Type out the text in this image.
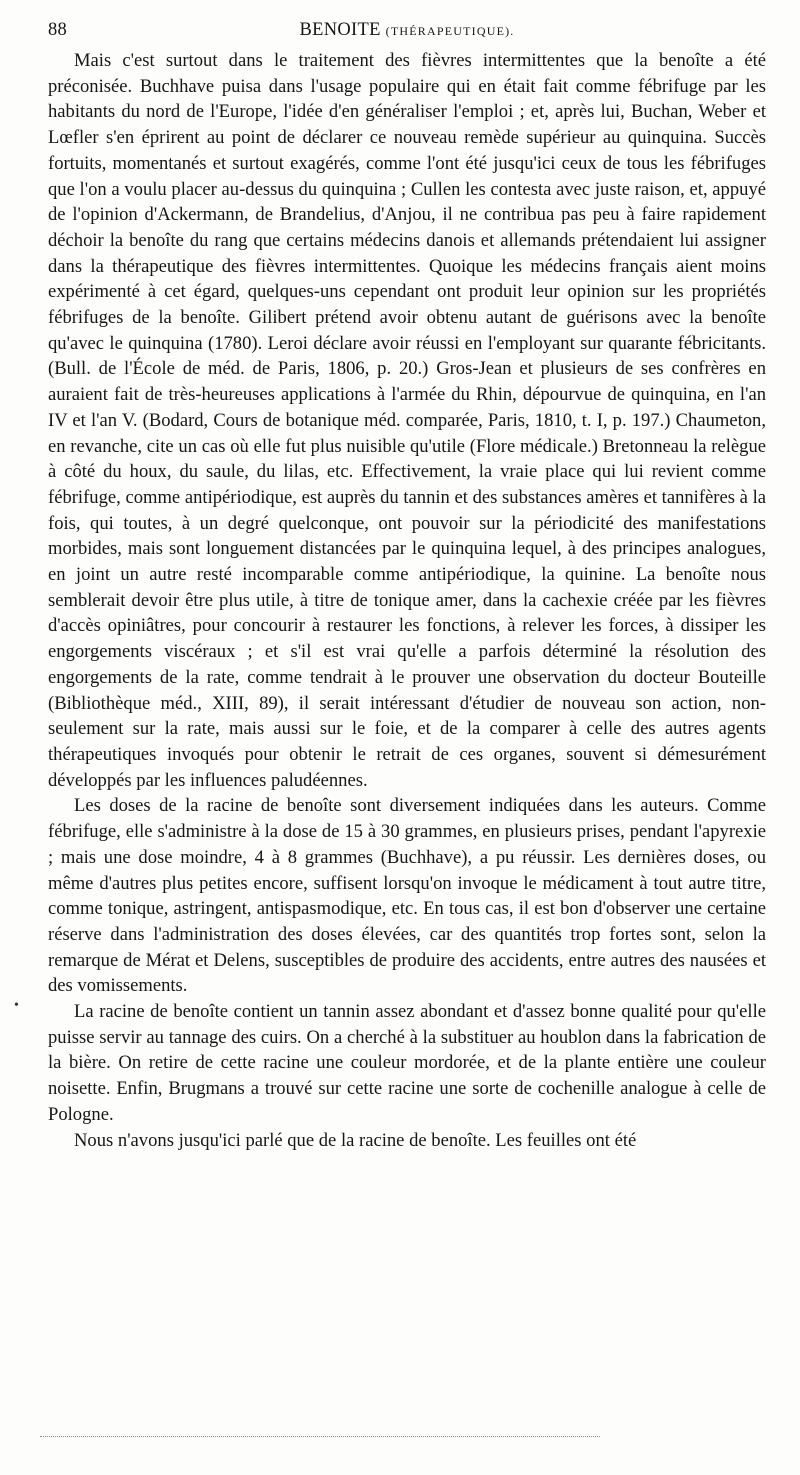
88	BENOITE (THÉRAPEUTIQUE).

Mais c'est surtout dans le traitement des fièvres intermittentes que la benoîte a été préconisée. Buchhave puisa dans l'usage populaire qui en était fait comme fébrifuge par les habitants du nord de l'Europe, l'idée d'en généraliser l'emploi ; et, après lui, Buchan, Weber et Lœfler s'en éprirent au point de déclarer ce nouveau remède supérieur au quinquina. Succès fortuits, momentanés et surtout exagérés, comme l'ont été jusqu'ici ceux de tous les fébrifuges que l'on a voulu placer au-dessus du quinquina ; Cullen les contesta avec juste raison, et, appuyé de l'opinion d'Ackermann, de Brandelius, d'Anjou, il ne contribua pas peu à faire rapidement déchoir la benoîte du rang que certains médecins danois et allemands prétendaient lui assigner dans la thérapeutique des fièvres intermittentes. Quoique les médecins français aient moins expérimenté à cet égard, quelques-uns cependant ont produit leur opinion sur les propriétés fébrifuges de la benoîte. Gilibert prétend avoir obtenu autant de guérisons avec la benoîte qu'avec le quinquina (1780). Leroi déclare avoir réussi en l'employant sur quarante fébricitants. (Bull. de l'École de méd. de Paris, 1806, p. 20.) Gros-Jean et plusieurs de ses confrères en auraient fait de très-heureuses applications à l'armée du Rhin, dépourvue de quinquina, en l'an IV et l'an V. (Bodard, Cours de botanique méd. comparée, Paris, 1810, t. I, p. 197.) Chaumeton, en revanche, cite un cas où elle fut plus nuisible qu'utile (Flore médicale.) Bretonneau la relègue à côté du houx, du saule, du lilas, etc. Effectivement, la vraie place qui lui revient comme fébrifuge, comme antipériodique, est auprès du tannin et des substances amères et tannifères à la fois, qui toutes, à un degré quelconque, ont pouvoir sur la périodicité des manifestations morbides, mais sont longuement distancées par le quinquina lequel, à des principes analogues, en joint un autre resté incomparable comme antipériodique, la quinine. La benoîte nous semblerait devoir être plus utile, à titre de tonique amer, dans la cachexie créée par les fièvres d'accès opiniâtres, pour concourir à restaurer les fonctions, à relever les forces, à dissiper les engorgements viscéraux ; et s'il est vrai qu'elle a parfois déterminé la résolution des engorgements de la rate, comme tendrait à le prouver une observation du docteur Bouteille (Bibliothèque méd., XIII, 89), il serait intéressant d'étudier de nouveau son action, non-seulement sur la rate, mais aussi sur le foie, et de la comparer à celle des autres agents thérapeutiques invoqués pour obtenir le retrait de ces organes, souvent si démesurément développés par les influences paludéennes.

Les doses de la racine de benoîte sont diversement indiquées dans les auteurs. Comme fébrifuge, elle s'administre à la dose de 15 à 30 grammes, en plusieurs prises, pendant l'apyrexie ; mais une dose moindre, 4 à 8 grammes (Buchhave), a pu réussir. Les dernières doses, ou même d'autres plus petites encore, suffisent lorsqu'on invoque le médicament à tout autre titre, comme tonique, astringent, antispasmodique, etc. En tous cas, il est bon d'observer une certaine réserve dans l'administration des doses élevées, car des quantités trop fortes sont, selon la remarque de Mérat et Delens, susceptibles de produire des accidents, entre autres des nausées et des vomissements.

La racine de benoîte contient un tannin assez abondant et d'assez bonne qualité pour qu'elle puisse servir au tannage des cuirs. On a cherché à la substituer au houblon dans la fabrication de la bière. On retire de cette racine une couleur mordorée, et de la plante entière une couleur noisette. Enfin, Brugmans a trouvé sur cette racine une sorte de cochenille analogue à celle de Pologne.

Nous n'avons jusqu'ici parlé que de la racine de benoîte. Les feuilles ont été

•
